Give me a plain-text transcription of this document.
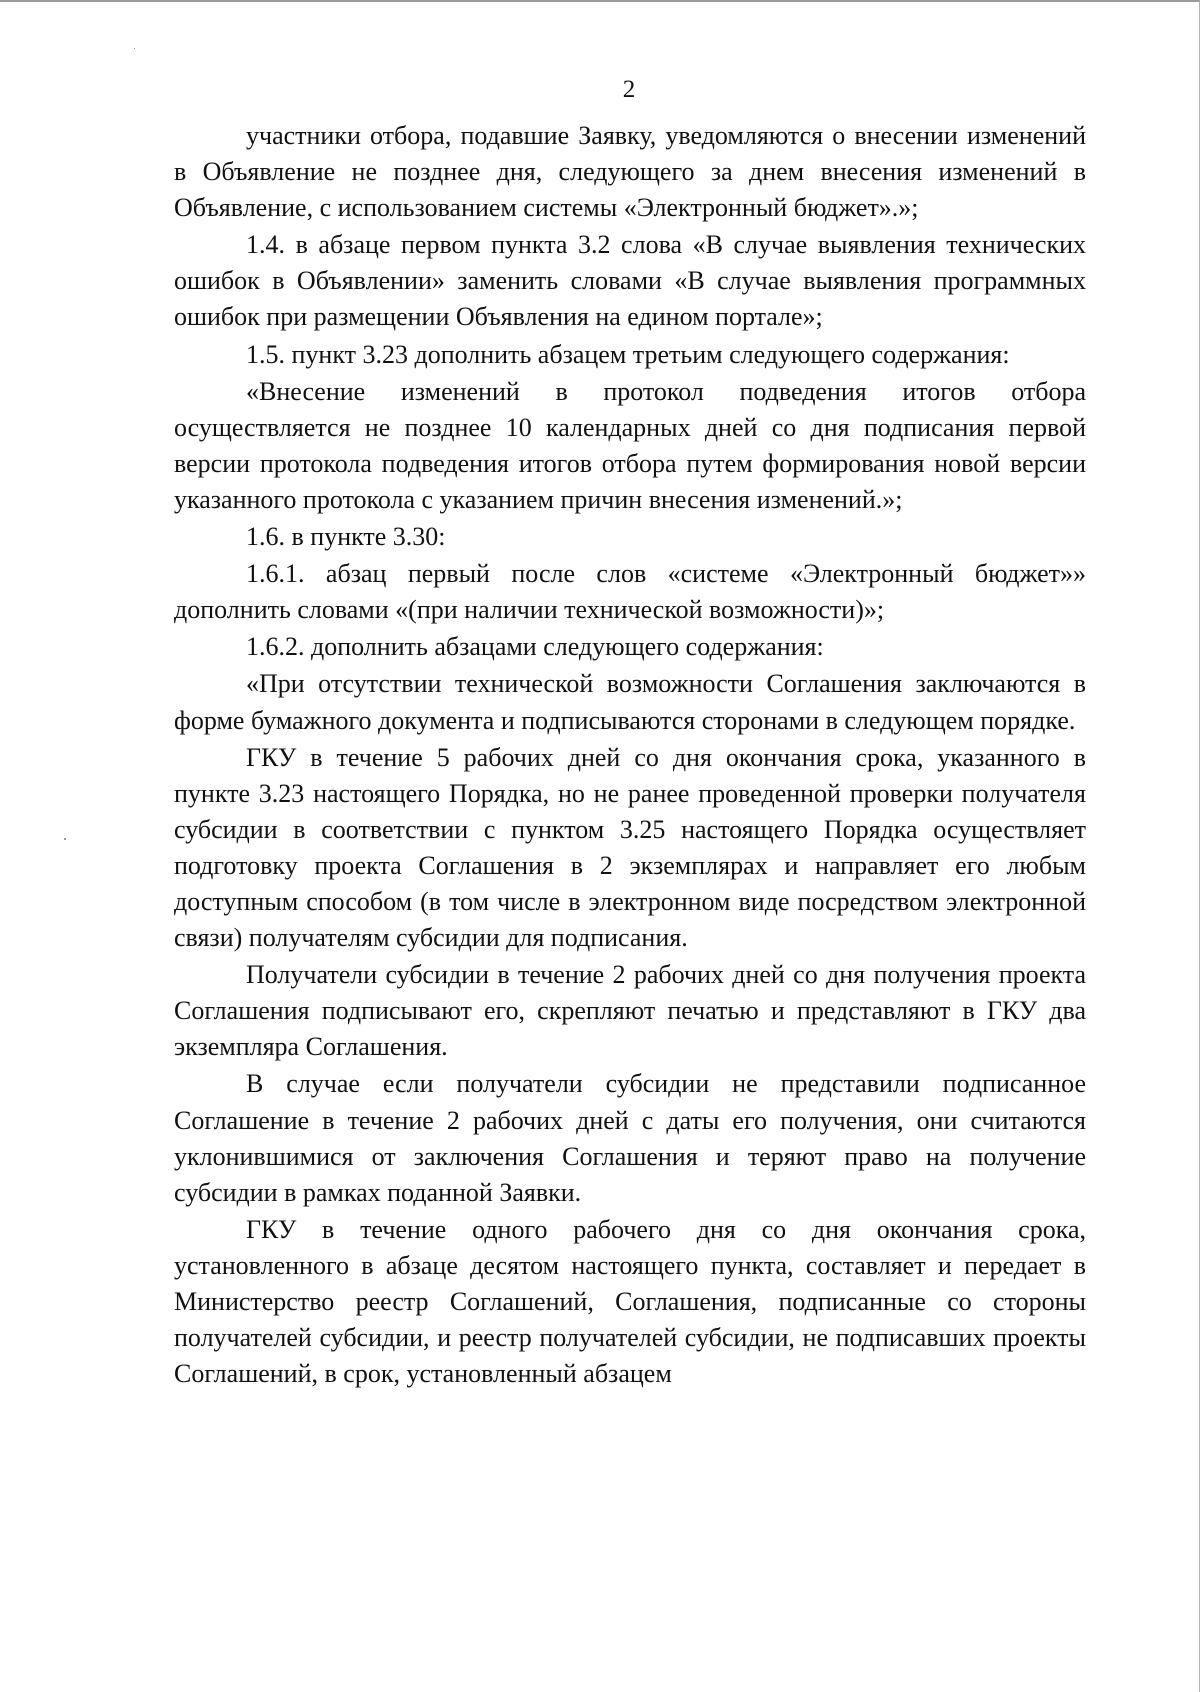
2

участники отбора, подавшие Заявку, уведомляются о внесении изменений в Объявление не позднее дня, следующего за днем внесения изменений в Объявление, с использованием системы «Электронный бюджет».»;

1.4. в абзаце первом пункта 3.2 слова «В случае выявления технических ошибок в Объявлении» заменить словами «В случае выявления программных ошибок при размещении Объявления на едином портале»;

1.5. пункт 3.23 дополнить абзацем третьим следующего содержания:

«Внесение изменений в протокол подведения итогов отбора осуществляется не позднее 10 календарных дней со дня подписания первой версии протокола подведения итогов отбора путем формирования новой версии указанного протокола с указанием причин внесения изменений.»;

1.6. в пункте 3.30:

1.6.1. абзац первый после слов «системе «Электронный бюджет»» дополнить словами «(при наличии технической возможности)»;

1.6.2. дополнить абзацами следующего содержания:

«При отсутствии технической возможности Соглашения заключаются в форме бумажного документа и подписываются сторонами в следующем порядке.

ГКУ в течение 5 рабочих дней со дня окончания срока, указанного в пункте 3.23 настоящего Порядка, но не ранее проведенной проверки получателя субсидии в соответствии с пунктом 3.25 настоящего Порядка осуществляет подготовку проекта Соглашения в 2 экземплярах и направляет его любым доступным способом (в том числе в электронном виде посредством электронной связи) получателям субсидии для подписания.

Получатели субсидии в течение 2 рабочих дней со дня получения проекта Соглашения подписывают его, скрепляют печатью и представляют в ГКУ два экземпляра Соглашения.

В случае если получатели субсидии не представили подписанное Соглашение в течение 2 рабочих дней с даты его получения, они считаются уклонившимися от заключения Соглашения и теряют право на получение субсидии в рамках поданной Заявки.

ГКУ в течение одного рабочего дня со дня окончания срока, установленного в абзаце десятом настоящего пункта, составляет и передает в Министерство реестр Соглашений, Соглашения, подписанные со стороны получателей субсидии, и реестр получателей субсидии, не подписавших проекты Соглашений, в срок, установленный абзацем
